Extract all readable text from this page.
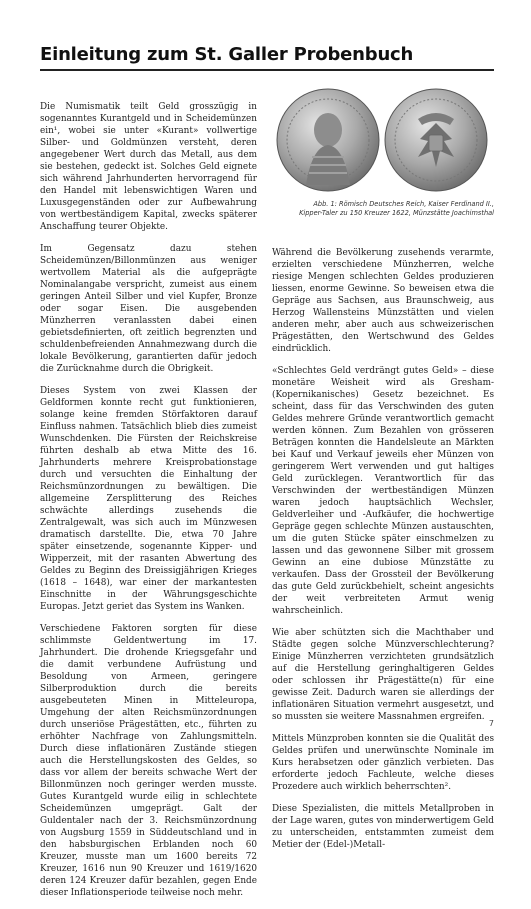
Einleitung zum St. Galler Probenbuch

Die Numismatik teilt Geld grosszügig in sogenanntes Kurantgeld und in Scheidemünzen ein¹, wobei sie unter «Kurant» vollwertige Silber- und Goldmünzen versteht, deren angegebener Wert durch das Metall, aus dem sie bestehen, gedeckt ist. Solches Geld eignete sich während Jahrhunderten hervorragend für den Handel mit lebenswichtigen Waren und Luxusgegenständen oder zur Aufbewahrung von wertbeständigem Kapital, zwecks späterer Anschaffung teurer Objekte.

Im Gegensatz dazu stehen Scheidemünzen/Billonmünzen aus weniger wertvollem Material als die aufgeprägte Nominalangabe verspricht, zumeist aus einem geringen Anteil Silber und viel Kupfer, Bronze oder sogar Eisen. Die ausgebenden Münzherren veranlassten dabei einen gebietsdefinierten, oft zeitlich begrenzten und schuldenbefreienden Annahmezwang durch die lokale Bevölkerung, garantierten dafür jedoch die Zurücknahme durch die Obrigkeit.

Dieses System von zwei Klassen der Geldformen konnte recht gut funktionieren, solange keine fremden Störfaktoren darauf Einfluss nahmen. Tatsächlich blieb dies zumeist Wunschdenken. Die Fürsten der Reichskreise führten deshalb ab etwa Mitte des 16. Jahrhunderts mehrere Kreisprobationstage durch und versuchten die Einhaltung der Reichsmünzordnungen zu bewältigen. Die allgemeine Zersplitterung des Reiches schwächte allerdings zusehends die Zentralgewalt, was sich auch im Münzwesen dramatisch darstellte. Die, etwa 70 Jahre später einsetzende, sogenannte Kipper- und Wipperzeit, mit der rasanten Abwertung des Geldes zu Beginn des Dreissigjährigen Krieges (1618 – 1648), war einer der markantesten Einschnitte in der Währungsgeschichte Europas. Jetzt geriet das System ins Wanken.

Verschiedene Faktoren sorgten für diese schlimmste Geldentwertung im 17. Jahrhundert. Die drohende Kriegsgefahr und die damit verbundene Aufrüstung und Besoldung von Armeen, geringere Silberproduktion durch die bereits ausgebeuteten Minen in Mitteleuropa, Umgehung der alten Reichsmünzordnungen durch unseriöse Prägestätten, etc., führten zu erhöhter Nachfrage von Zahlungsmitteln. Durch diese inflationären Zustände stiegen auch die Herstellungskosten des Geldes, so dass vor allem der bereits schwache Wert der Billonmünzen noch geringer werden musste. Gutes Kurantgeld wurde eilig in schlechtete Scheidemünzen umgeprägt. Galt der Guldentaler nach der 3. Reichsmünzordnung von Augsburg 1559 in Süddeutschland und in den habsburgischen Erblanden noch 60 Kreuzer, musste man um 1600 bereits 72 Kreuzer, 1616 nun 90 Kreuzer und 1619/1620 deren 124 Kreuzer dafür bezahlen, gegen Ende dieser Inflationsperiode teilweise noch mehr.

Abb. 1: Römisch Deutsches Reich, Kaiser Ferdinand II.,
Kipper-Taler zu 150 Kreuzer 1622, Münzstätte Joachimsthal

Während die Bevölkerung zusehends verarmte, erzielten verschiedene Münzherren, welche riesige Mengen schlechten Geldes produzieren liessen, enorme Gewinne. So beweisen etwa die Gepräge aus Sachsen, aus Braunschweig, aus Herzog Wallensteins Münzstätten und vielen anderen mehr, aber auch aus schweizerischen Prägestätten, den Wertschwund des Geldes eindrücklich.

«Schlechtes Geld verdrängt gutes Geld» – diese monetäre Weisheit wird als Gresham-(Kopernikanisches) Gesetz bezeichnet. Es scheint, dass für das Verschwinden des guten Geldes mehrere Gründe verantwortlich gemacht werden können. Zum Bezahlen von grösseren Beträgen konnten die Handelsleute an Märkten bei Kauf und Verkauf jeweils eher Münzen von geringerem Wert verwenden und gut haltiges Geld zurücklegen. Verantwortlich für das Verschwinden der wertbeständigen Münzen waren jedoch hauptsächlich Wechsler, Geldverleiher und -Aufkäufer, die hochwertige Gepräge gegen schlechte Münzen austauschten, um die guten Stücke später einschmelzen zu lassen und das gewonnene Silber mit grossem Gewinn an eine dubiose Münzstätte zu verkaufen. Dass der Grossteil der Bevölkerung das gute Geld zurückbehielt, scheint angesichts der weit verbreiteten Armut wenig wahrscheinlich.

Wie aber schützten sich die Machthaber und Städte gegen solche Münzverschlechterung? Einige Münzherren verzichteten grundsätzlich auf die Herstellung geringhaltigeren Geldes oder schlossen ihr Prägestätte(n) für eine gewisse Zeit. Dadurch waren sie allerdings der inflationären Situation vermehrt ausgesetzt, und so mussten sie weitere Massnahmen ergreifen.

Mittels Münzproben konnten sie die Qualität des Geldes prüfen und unerwünschte Nominale im Kurs herabsetzen oder gänzlich verbieten. Das erforderte jedoch Fachleute, welche dieses Prozedere auch wirklich beherrschten².

Diese Spezialisten, die mittels Metallproben in der Lage waren, gutes von minderwertigem Geld zu unterscheiden, entstammten zumeist dem Metier der (Edel-)Metall-

7
